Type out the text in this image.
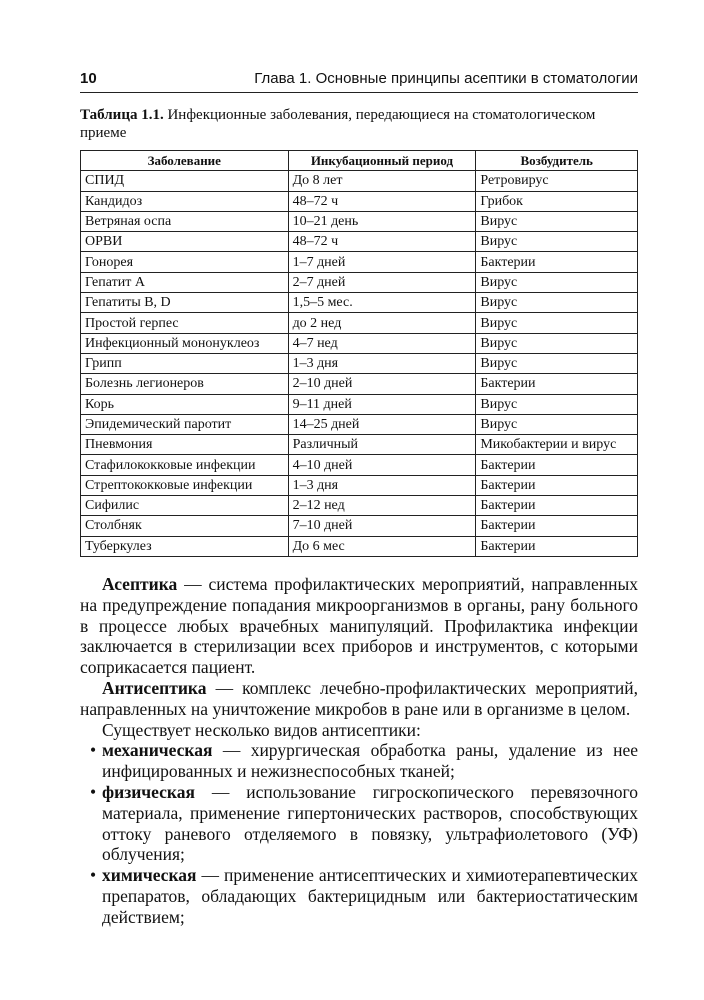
10	Глава 1. Основные принципы асептики в стоматологии
Таблица 1.1. Инфекционные заболевания, передающиеся на стоматологическом приеме
Заболевание	Инкубационный период	Возбудитель
СПИД	До 8 лет	Ретровирус
Кандидоз	48–72 ч	Грибок
Ветряная оспа	10–21 день	Вирус
ОРВИ	48–72 ч	Вирус
Гонорея	1–7 дней	Бактерии
Гепатит А	2–7 дней	Вирус
Гепатиты В, D	1,5–5 мес.	Вирус
Простой герпес	до 2 нед	Вирус
Инфекционный мононуклеоз	4–7 нед	Вирус
Грипп	1–3 дня	Вирус
Болезнь легионеров	2–10 дней	Бактерии
Корь	9–11 дней	Вирус
Эпидемический паротит	14–25 дней	Вирус
Пневмония	Различный	Микобактерии и вирус
Стафилококковые инфекции	4–10 дней	Бактерии
Стрептококковые инфекции	1–3 дня	Бактерии
Сифилис	2–12 нед	Бактерии
Столбняк	7–10 дней	Бактерии
Туберкулез	До 6 мес	Бактерии

Асептика — система профилактических мероприятий, направленных на предупреждение попадания микроорганизмов в органы, рану больного в процессе любых врачебных манипуляций. Профилактика инфекции заключается в стерилизации всех приборов и инструментов, с которыми соприкасается пациент.

Антисептика — комплекс лечебно-профилактических мероприятий, направленных на уничтожение микробов в ране или в организме в целом.

Существует несколько видов антисептики:

• механическая — хирургическая обработка раны, удаление из нее инфицированных и нежизнеспособных тканей;
• физическая — использование гигроскопического перевязочного материала, применение гипертонических растворов, способствующих оттоку раневого отделяемого в повязку, ультрафиолетового (УФ) облучения;
• химическая — применение антисептических и химиотерапевтических препаратов, обладающих бактерицидным или бактериостатическим действием;
